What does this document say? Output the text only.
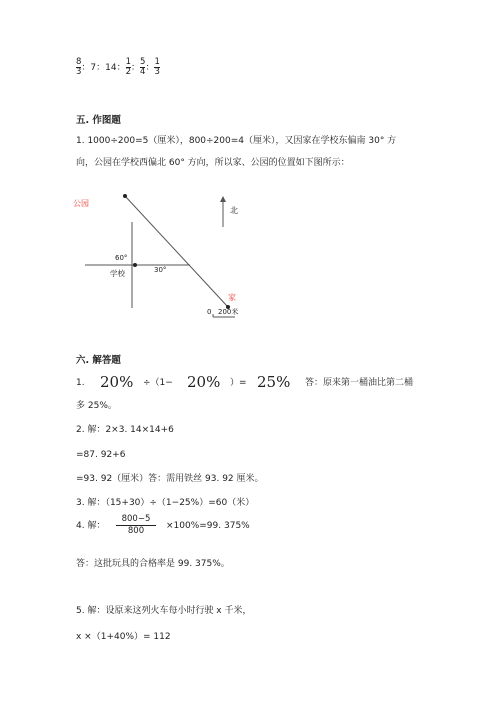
$\frac{8}{3}$ ：7：14： $\frac{1}{2}$ ： $\frac{5}{4}$ ： $\frac{1}{3}$
五. 作图题
1. 1000÷200=5（厘米），800÷200=4（厘米），又因家在学校东偏南 30° 方
向，公园在学校西偏北 60° 方向，所以家、公园的位置如下图所示：
公园
家
学校
60°
30°
0 200米
北
六. 解答题
1. 20% ÷（1− 20% ）= 25% 答：原来第一桶油比第二桶
多 25%。
2. 解：2×3. 14×14+6
=87. 92+6
=93. 92（厘米）答：需用铁丝 93. 92 厘米。
3. 解：（15+30）÷（1−25%）=60（米）
4. 解：
800−5
800	×100%=99. 375%
答：这批玩具的合格率是 99. 375%。
5. 解：设原来这列火车每小时行驶 x 千米，
x ×（1+40%）= 112
